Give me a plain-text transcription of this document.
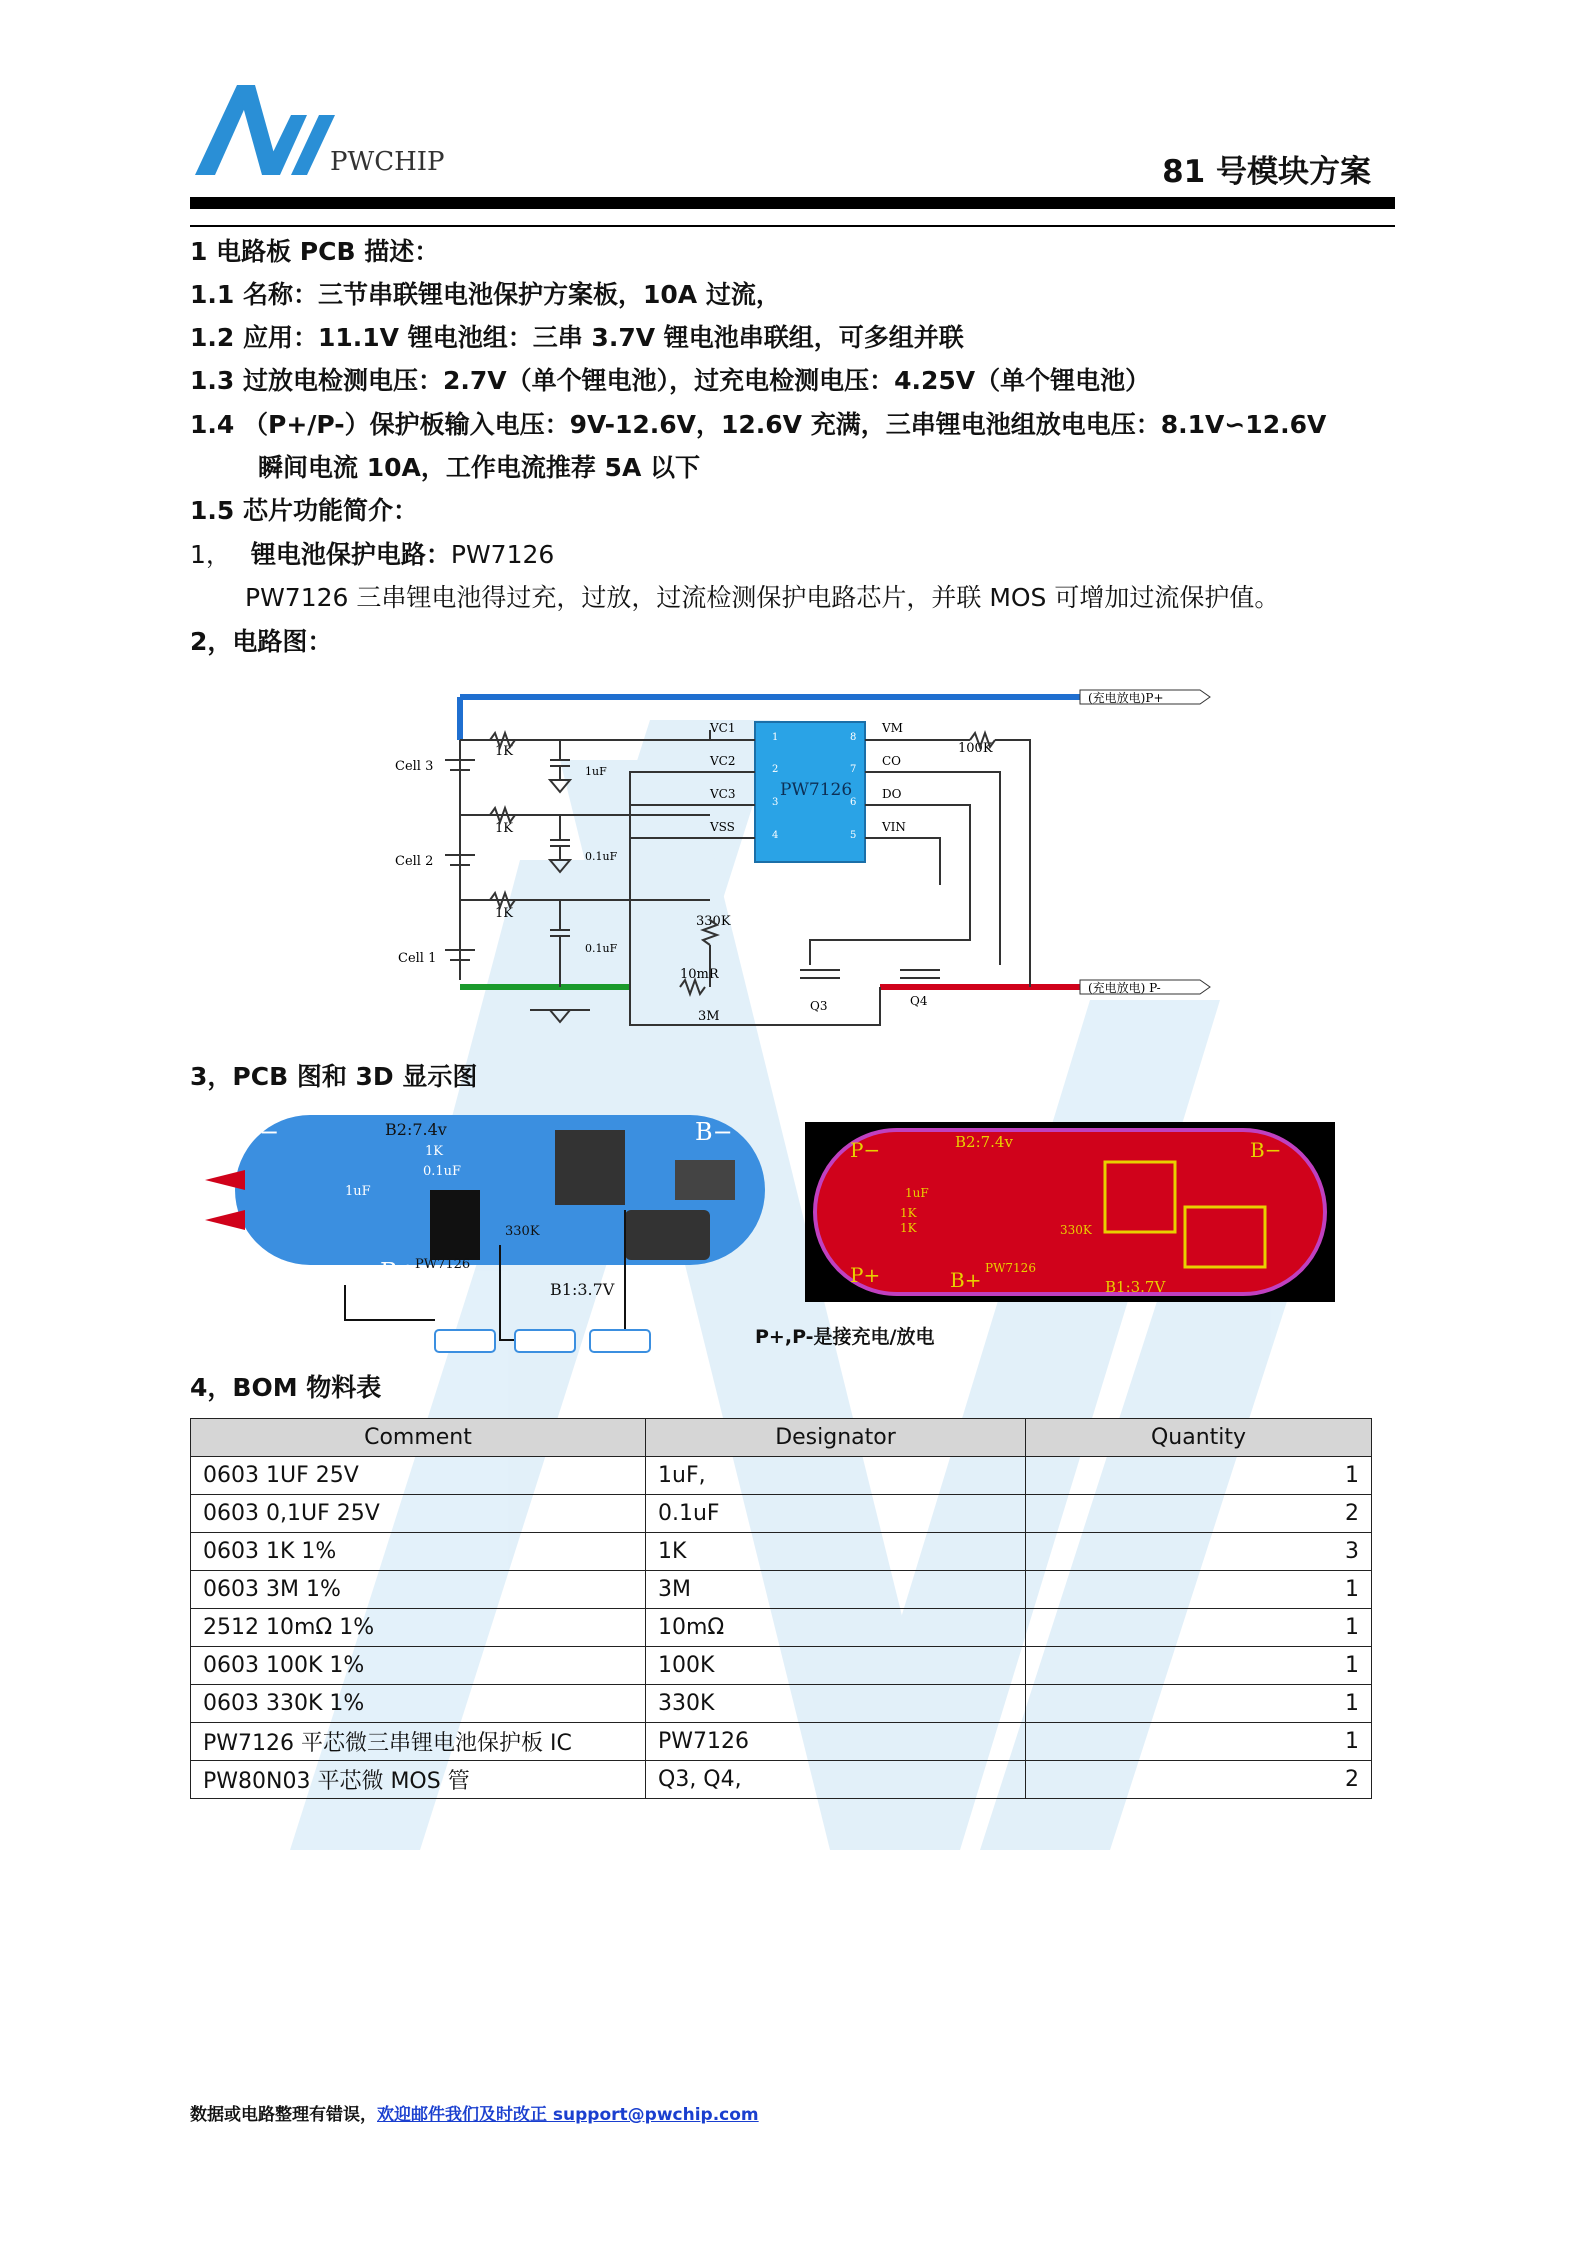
PWCHIP	81 号模块方案
1 电路板 PCB 描述：
1.1 名称：三节串联锂电池保护方案板，10A 过流，
1.2 应用：11.1V 锂电池组：三串 3.7V 锂电池串联组，可多组并联
1.3 过放电检测电压：2.7V（单个锂电池），过充电检测电压：4.25V（单个锂电池）
1.4 （P+/P-）保护板输入电压：9V-12.6V，12.6V 充满，三串锂电池组放电电压：8.1V∽12.6V
瞬间电流 10A，工作电流推荐 5A 以下
1.5 芯片功能简介：
1， 锂电池保护电路：PW7126
PW7126 三串锂电池得过充，过放，过流检测保护电路芯片，并联 MOS 可增加过流保护值。
2，电路图：
(充电放电)P+
(充电放电) P-
Cell 3
Cell 2
Cell 1
1K
1K
1K
100K
330K
10mR
3M
1uF
0.1uF
0.1uF
PW7126
1
2
3
4
8
7
6
5
VC1
VC2
VC3
VSS
VM
CO
DO
VIN
Q3	Q4
3，PCB 图和 3D 显示图
P−
P+
B−
B+
B2:7.4v
B1:3.7V
1uF
1K
0.1uF
330K
PW7126
P−
P+
B−
B+
B2:7.4v
B1:3.7V
PW7126
330K
1uF
1K
1K
P+,P-是接充电/放电
4，BOM 物料表
Comment	Designator	Quantity
0603 1UF 25V	1uF,	1
0603 0,1UF 25V	0.1uF	2
0603 1K 1%	1K	3
0603 3M 1%	3M	1
2512 10mΩ 1%	10mΩ	1
0603 100K 1%	100K	1
0603 330K 1%	330K	1
PW7126 平芯微三串锂电池保护板 IC	PW7126	1
PW80N03 平芯微 MOS 管	Q3, Q4,	2
数据或电路整理有错误，欢迎邮件我们及时改正 support@pwchip.com
